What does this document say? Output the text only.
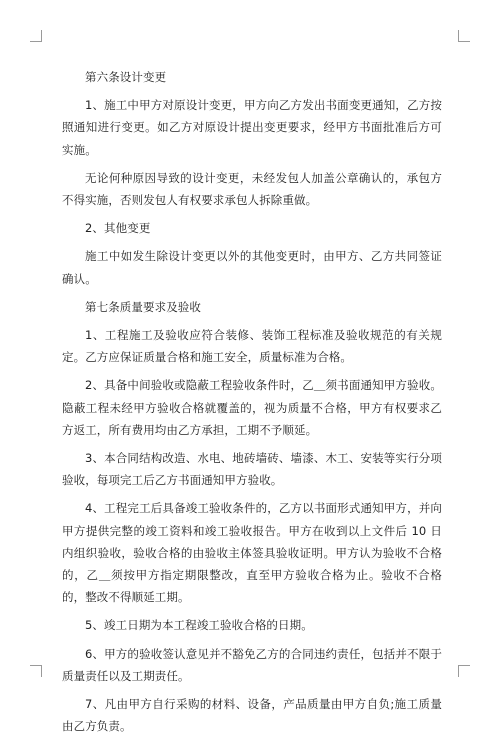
第六条设计变更

1、施工中甲方对原设计变更，甲方向乙方发出书面变更通知，乙方按照通知进行变更。如乙方对原设计提出变更要求，经甲方书面批准后方可实施。

无论何种原因导致的设计变更，未经发包人加盖公章确认的，承包方不得实施，否则发包人有权要求承包人拆除重做。

2、其他变更

施工中如发生除设计变更以外的其他变更时，由甲方、乙方共同签证确认。

第七条质量要求及验收

1、工程施工及验收应符合装修、装饰工程标准及验收规范的有关规定。乙方应保证质量合格和施工安全，质量标准为合格。

2、具备中间验收或隐蔽工程验收条件时，乙＿须书面通知甲方验收。隐蔽工程未经甲方验收合格就覆盖的，视为质量不合格，甲方有权要求乙方返工，所有费用均由乙方承担，工期不予顺延。

3、本合同结构改造、水电、地砖墙砖、墙漆、木工、安装等实行分项验收，每项完工后乙方书面通知甲方验收。

4、工程完工后具备竣工验收条件的，乙方以书面形式通知甲方，并向甲方提供完整的竣工资料和竣工验收报告。甲方在收到以上文件后 10 日内组织验收，验收合格的由验收主体签具验收证明。甲方认为验收不合格的，乙＿须按甲方指定期限整改，直至甲方验收合格为止。验收不合格的，整改不得顺延工期。

5、竣工日期为本工程竣工验收合格的日期。

6、甲方的验收签认意见并不豁免乙方的合同违约责任，包括并不限于质量责任以及工期责任。

7、凡由甲方自行采购的材料、设备，产品质量由甲方自负;施工质量由乙方负责。
